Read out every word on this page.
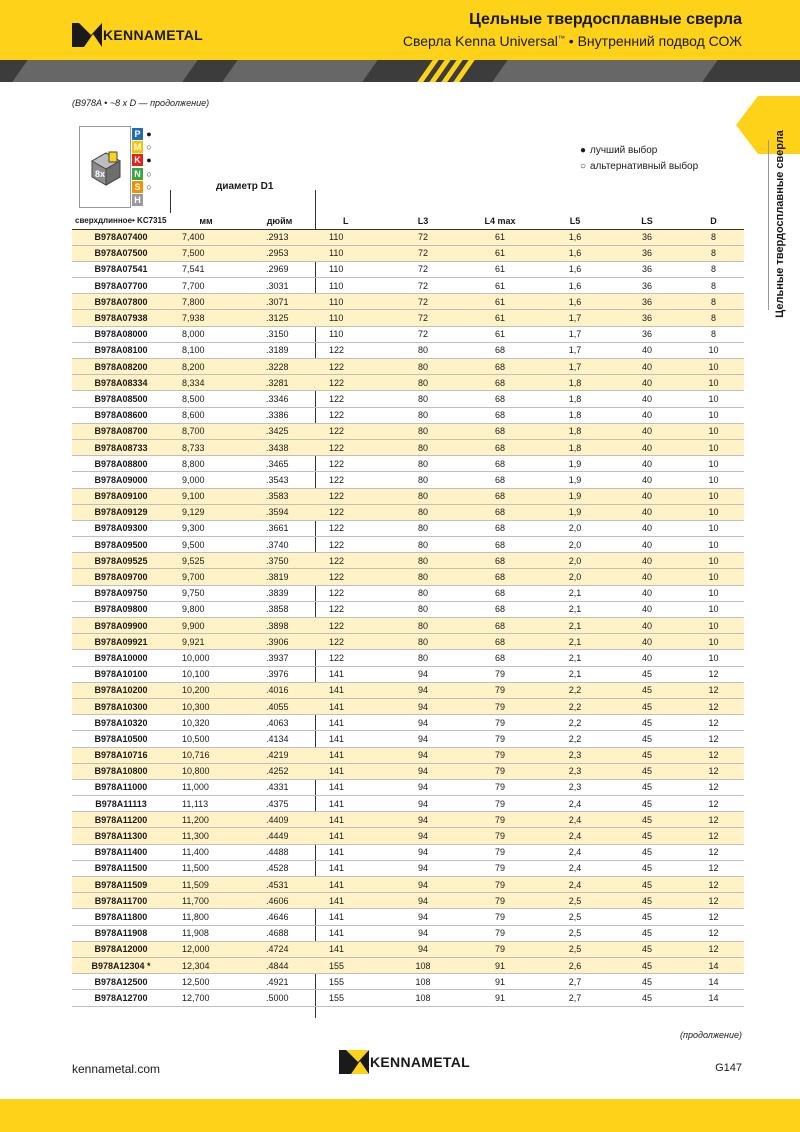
KENNAMETAL
Цельные твердосплавные сверла
Сверла Kenna Universal™ • Внутренний подвод СОЖ
(B978A • ~8 x D — продолжение)
Цельные твердосплавные сверла
8x
P ●
M ○
K ●
N ○
S ○
H
● лучший выбор
○ альтернативный выбор
диаметр D1
сверхдлинное• KC7315	мм	дюйм	L	L3	L4 max	L5	LS	D
B978A07400	7,400	.2913	110	72	61	1,6	36	8
B978A07500	7,500	.2953	110	72	61	1,6	36	8
B978A07541	7,541	.2969	110	72	61	1,6	36	8
B978A07700	7,700	.3031	110	72	61	1,6	36	8
B978A07800	7,800	.3071	110	72	61	1,6	36	8
B978A07938	7,938	.3125	110	72	61	1,7	36	8
B978A08000	8,000	.3150	110	72	61	1,7	36	8
B978A08100	8,100	.3189	122	80	68	1,7	40	10
B978A08200	8,200	.3228	122	80	68	1,7	40	10
B978A08334	8,334	.3281	122	80	68	1,8	40	10
B978A08500	8,500	.3346	122	80	68	1,8	40	10
B978A08600	8,600	.3386	122	80	68	1,8	40	10
B978A08700	8,700	.3425	122	80	68	1,8	40	10
B978A08733	8,733	.3438	122	80	68	1,8	40	10
B978A08800	8,800	.3465	122	80	68	1,9	40	10
B978A09000	9,000	.3543	122	80	68	1,9	40	10
B978A09100	9,100	.3583	122	80	68	1,9	40	10
B978A09129	9,129	.3594	122	80	68	1,9	40	10
B978A09300	9,300	.3661	122	80	68	2,0	40	10
B978A09500	9,500	.3740	122	80	68	2,0	40	10
B978A09525	9,525	.3750	122	80	68	2,0	40	10
B978A09700	9,700	.3819	122	80	68	2,0	40	10
B978A09750	9,750	.3839	122	80	68	2,1	40	10
B978A09800	9,800	.3858	122	80	68	2,1	40	10
B978A09900	9,900	.3898	122	80	68	2,1	40	10
B978A09921	9,921	.3906	122	80	68	2,1	40	10
B978A10000	10,000	.3937	122	80	68	2,1	40	10
B978A10100	10,100	.3976	141	94	79	2,1	45	12
B978A10200	10,200	.4016	141	94	79	2,2	45	12
B978A10300	10,300	.4055	141	94	79	2,2	45	12
B978A10320	10,320	.4063	141	94	79	2,2	45	12
B978A10500	10,500	.4134	141	94	79	2,2	45	12
B978A10716	10,716	.4219	141	94	79	2,3	45	12
B978A10800	10,800	.4252	141	94	79	2,3	45	12
B978A11000	11,000	.4331	141	94	79	2,3	45	12
B978A11113	11,113	.4375	141	94	79	2,4	45	12
B978A11200	11,200	.4409	141	94	79	2,4	45	12
B978A11300	11,300	.4449	141	94	79	2,4	45	12
B978A11400	11,400	.4488	141	94	79	2,4	45	12
B978A11500	11,500	.4528	141	94	79	2,4	45	12
B978A11509	11,509	.4531	141	94	79	2,4	45	12
B978A11700	11,700	.4606	141	94	79	2,5	45	12
B978A11800	11,800	.4646	141	94	79	2,5	45	12
B978A11908	11,908	.4688	141	94	79	2,5	45	12
B978A12000	12,000	.4724	141	94	79	2,5	45	12
B978A12304 *	12,304	.4844	155	108	91	2,6	45	14
B978A12500	12,500	.4921	155	108	91	2,7	45	14
B978A12700	12,700	.5000	155	108	91	2,7	45	14
(продолжение)
kennametal.com	KENNAMETAL	G147
